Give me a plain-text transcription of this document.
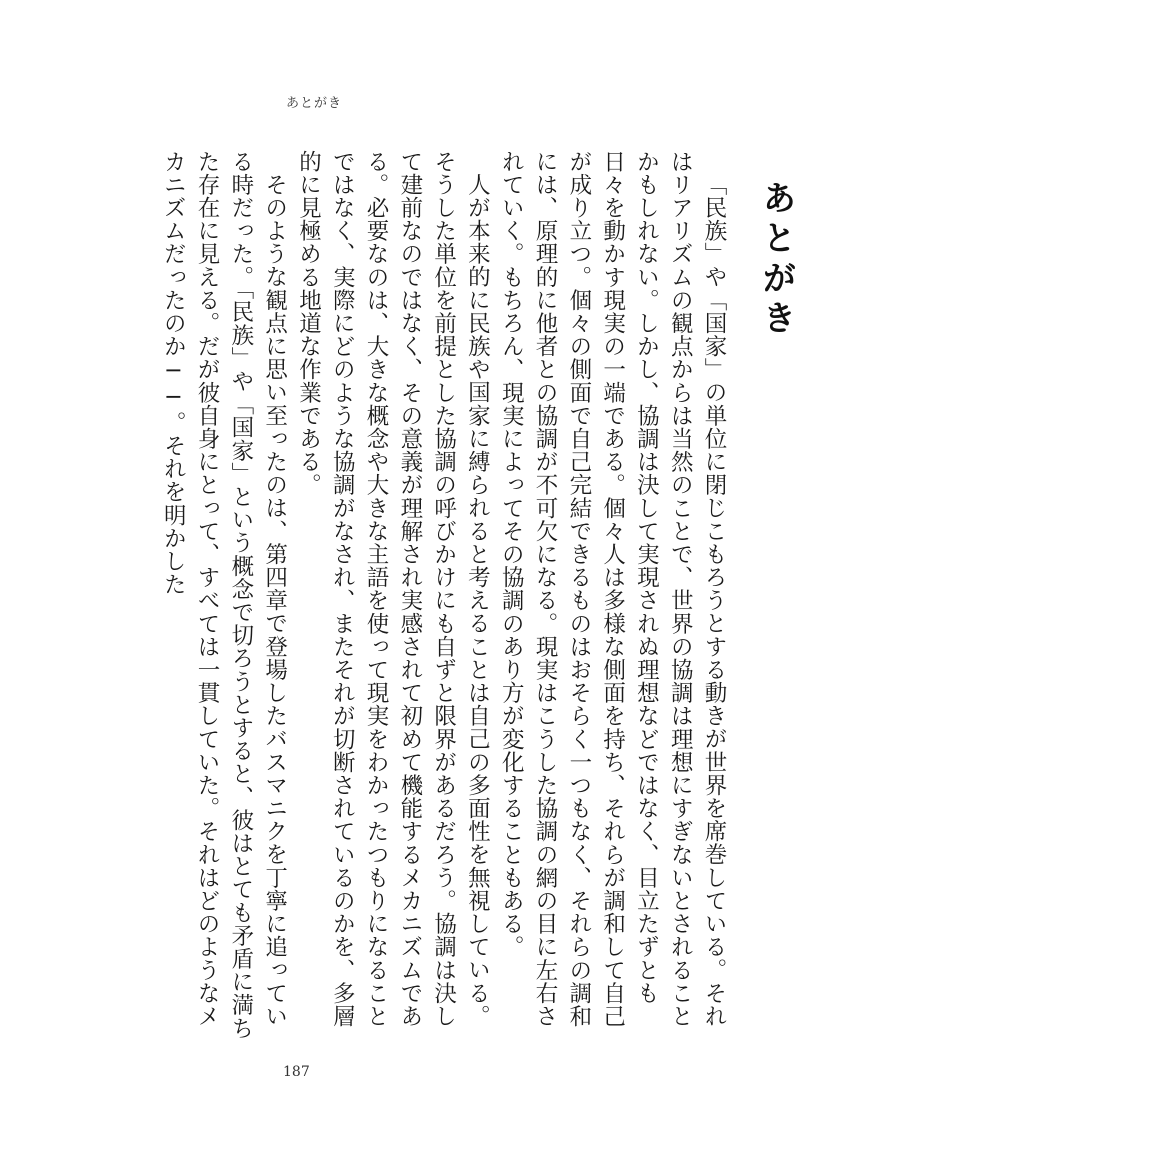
あとがき
あとがき

「民族」や「国家」の単位に閉じこもろうとする動きが世界を席巻している。それはリアリズムの観点からは当然のことで、世界の協調は理想にすぎないとされることかもしれない。しかし、協調は決して実現されぬ理想などではなく、目立たずとも日々を動かす現実の一端である。個々人は多様な側面を持ち、それらが調和して自己が成り立つ。個々の側面で自己完結できるものはおそらく一つもなく、それらの調和には、原理的に他者との協調が不可欠になる。現実はこうした協調の網の目に左右されていく。もちろん、現実によってその協調のあり方が変化することもある。

人が本来的に民族や国家に縛られると考えることは自己の多面性を無視している。そうした単位を前提とした協調の呼びかけにも自ずと限界があるだろう。協調は決して建前なのではなく、その意義が理解され実感されて初めて機能するメカニズムである。必要なのは、大きな概念や大きな主語を使って現実をわかったつもりになることではなく、実際にどのような協調がなされ、またそれが切断されているのかを、多層的に見極める地道な作業である。

そのような観点に思い至ったのは、第四章で登場したバスマニクを丁寧に追っている時だった。「民族」や「国家」という概念で切ろうとすると、彼はとても矛盾に満ちた存在に見える。だが彼自身にとって、すべては一貫していた。それはどのようなメカニズムだったのか──。それを明かした

187
